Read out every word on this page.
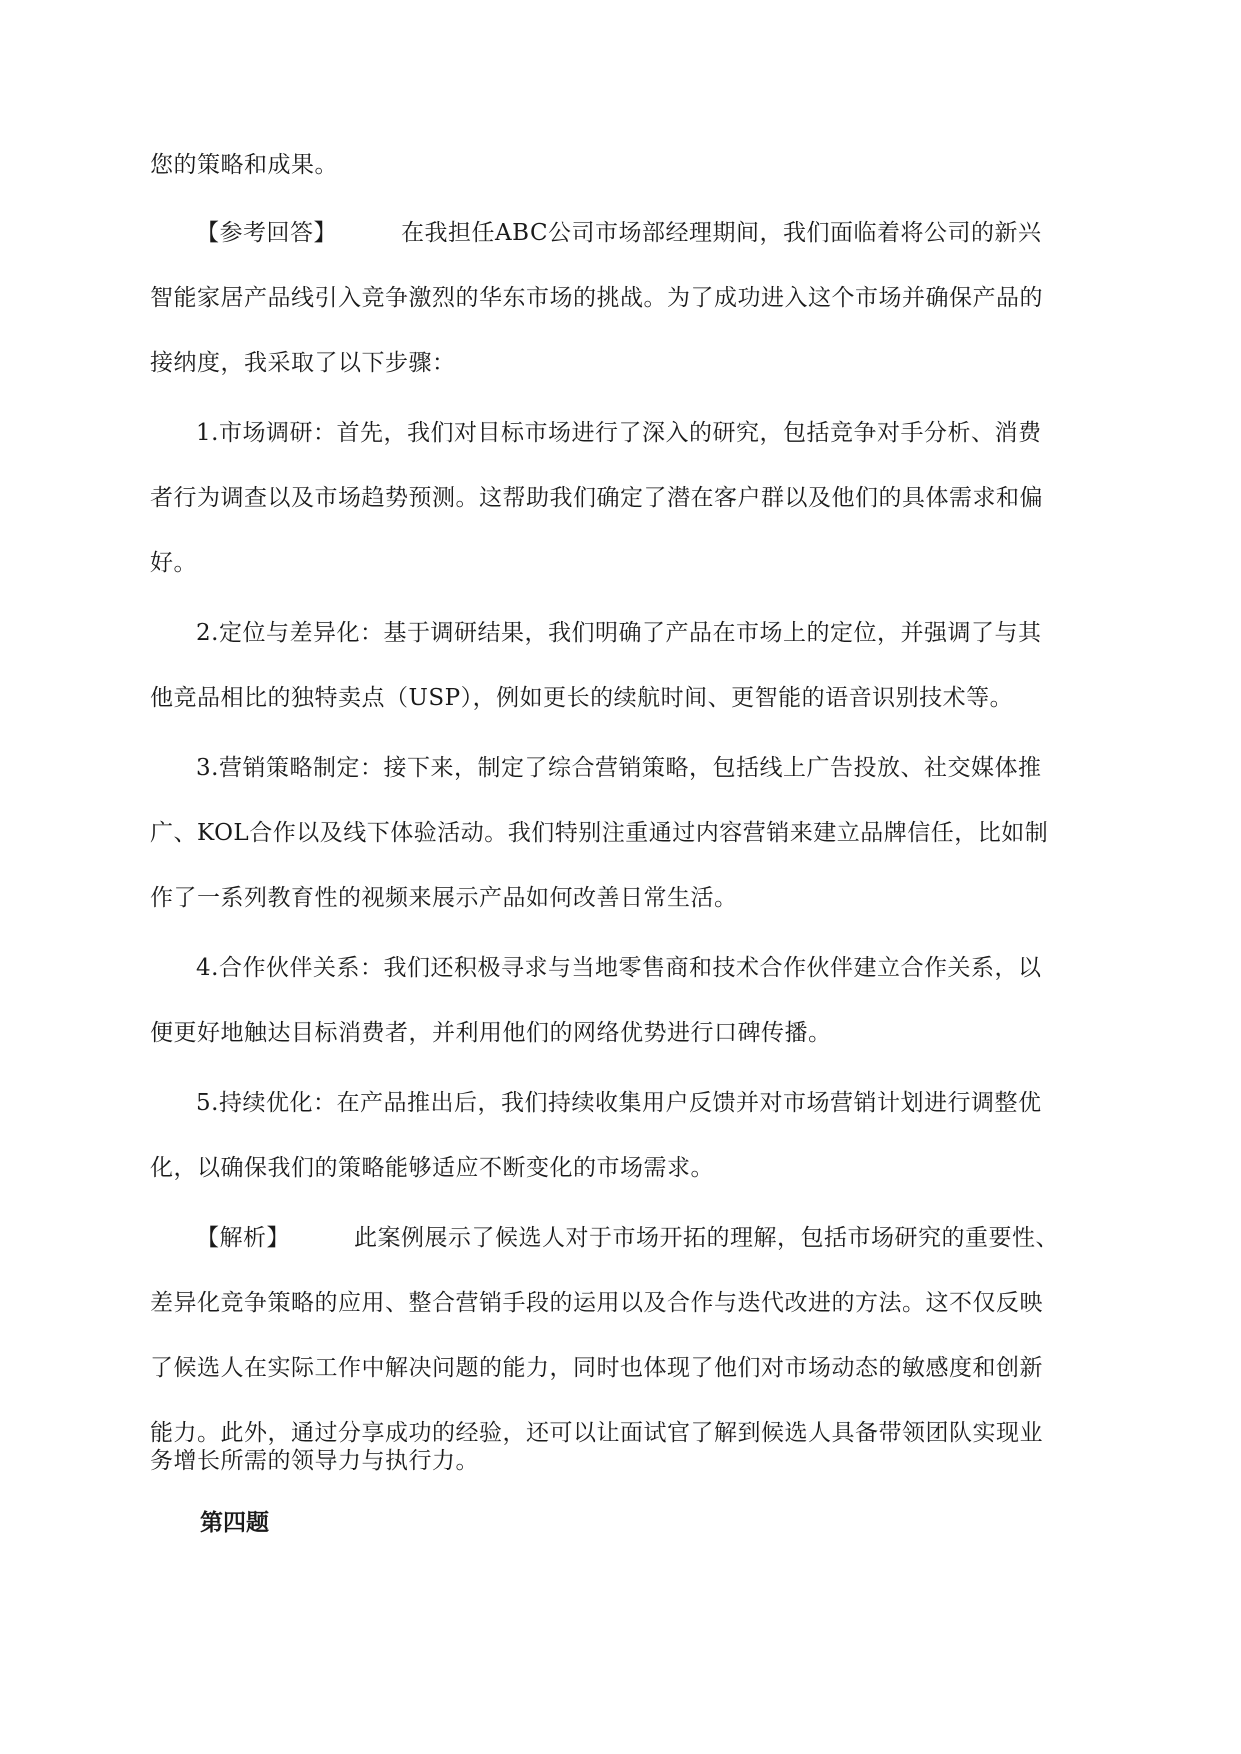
您的策略和成果。
【参考回答】	在我担任ABC公司市场部经理期间，我们面临着将公司的新兴
智能家居产品线引入竞争激烈的华东市场的挑战。为了成功进入这个市场并确保产品的
接纳度，我采取了以下步骤：
1.市场调研：首先，我们对目标市场进行了深入的研究，包括竞争对手分析、消费
者行为调查以及市场趋势预测。这帮助我们确定了潜在客户群以及他们的具体需求和偏
好。
2.定位与差异化：基于调研结果，我们明确了产品在市场上的定位，并强调了与其
他竞品相比的独特卖点（USP），例如更长的续航时间、更智能的语音识别技术等。
3.营销策略制定：接下来，制定了综合营销策略，包括线上广告投放、社交媒体推
广、KOL合作以及线下体验活动。我们特别注重通过内容营销来建立品牌信任，比如制
作了一系列教育性的视频来展示产品如何改善日常生活。
4.合作伙伴关系：我们还积极寻求与当地零售商和技术合作伙伴建立合作关系，以
便更好地触达目标消费者，并利用他们的网络优势进行口碑传播。
5.持续优化：在产品推出后，我们持续收集用户反馈并对市场营销计划进行调整优
化，以确保我们的策略能够适应不断变化的市场需求。
【解析】	此案例展示了候选人对于市场开拓的理解，包括市场研究的重要性、
差异化竞争策略的应用、整合营销手段的运用以及合作与迭代改进的方法。这不仅反映
了候选人在实际工作中解决问题的能力，同时也体现了他们对市场动态的敏感度和创新
能力。此外，通过分享成功的经验，还可以让面试官了解到候选人具备带领团队实现业
务增长所需的领导力与执行力。
第四题
